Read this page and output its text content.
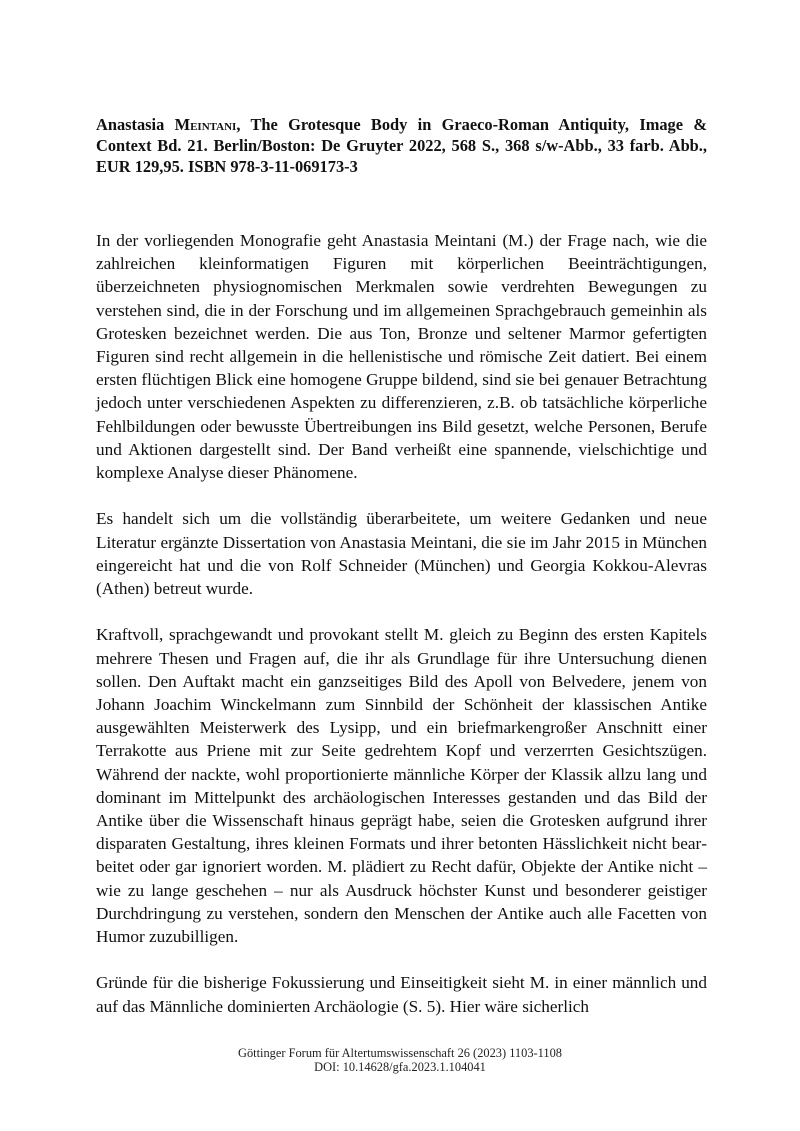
Anastasia Meintani, The Grotesque Body in Graeco-Roman Antiquity, Image & Context Bd. 21. Berlin/Boston: De Gruyter 2022, 568 S., 368 s/w-Abb., 33 farb. Abb., EUR 129,95. ISBN 978-3-11-069173-3

In der vorliegenden Monografie geht Anastasia Meintani (M.) der Frage nach, wie die zahlreichen kleinformatigen Figuren mit körperlichen Beeinträchtigungen, überzeichneten physiognomischen Merkmalen sowie verdrehten Bewegungen zu verstehen sind, die in der Forschung und im allgemeinen Sprachgebrauch gemeinhin als Grotesken bezeichnet werden. Die aus Ton, Bronze und seltener Marmor gefertigten Figuren sind recht allgemein in die hellenistische und römische Zeit datiert. Bei einem ersten flüchtigen Blick eine homogene Gruppe bildend, sind sie bei genauer Betrachtung jedoch unter verschiedenen Aspekten zu differenzieren, z.B. ob tatsächliche körperliche Fehlbildungen oder bewusste Übertreibungen ins Bild gesetzt, welche Personen, Berufe und Aktionen dargestellt sind. Der Band verheißt eine spannende, vielschichtige und komplexe Analyse dieser Phänomene.

Es handelt sich um die vollständig überarbeitete, um weitere Gedanken und neue Literatur ergänzte Dissertation von Anastasia Meintani, die sie im Jahr 2015 in München eingereicht hat und die von Rolf Schneider (München) und Georgia Kokkou-Alevras (Athen) betreut wurde.

Kraftvoll, sprachgewandt und provokant stellt M. gleich zu Beginn des ersten Kapitels mehrere Thesen und Fragen auf, die ihr als Grundlage für ihre Untersuchung dienen sollen. Den Auftakt macht ein ganzseitiges Bild des Apoll von Belvedere, jenem von Johann Joachim Winckelmann zum Sinnbild der Schönheit der klassischen Antike ausgewählten Meisterwerk des Lysipp, und ein briefmarkengroßer Anschnitt einer Terrakotte aus Priene mit zur Seite gedrehtem Kopf und verzerrten Gesichtszügen. Während der nackte, wohl proportionierte männliche Körper der Klassik allzu lang und dominant im Mittelpunkt des archäologischen Interesses gestanden und das Bild der Antike über die Wissenschaft hinaus geprägt habe, seien die Grotesken aufgrund ihrer disparaten Gestaltung, ihres kleinen Formats und ihrer betonten Hässlichkeit nicht bearbeitet oder gar ignoriert worden. M. plädiert zu Recht dafür, Objekte der Antike nicht – wie zu lange geschehen – nur als Ausdruck höchster Kunst und besonderer geistiger Durchdringung zu verstehen, sondern den Menschen der Antike auch alle Facetten von Humor zuzubilligen.

Gründe für die bisherige Fokussierung und Einseitigkeit sieht M. in einer männlich und auf das Männliche dominierten Archäologie (S. 5). Hier wäre sicherlich

Göttinger Forum für Altertumswissenschaft 26 (2023) 1103-1108
DOI: 10.14628/gfa.2023.1.104041
